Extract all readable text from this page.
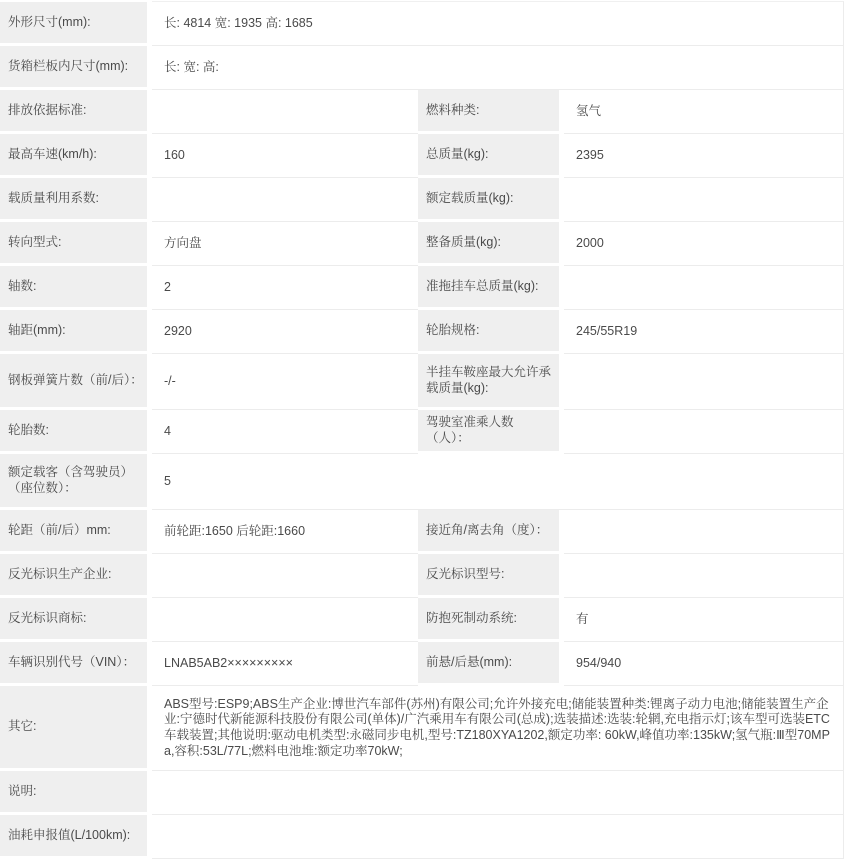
外形尺寸(mm):	长: 4814 宽: 1935 高: 1685		
货箱栏板内尺寸(mm):	长: 宽: 高:		
排放依据标准:		燃料种类:	氢气
最高车速(km/h):	160	总质量(kg):	2395
载质量利用系数:		额定载质量(kg):	
转向型式:	方向盘	整备质量(kg):	2000
轴数:	2	准拖挂车总质量(kg):	
轴距(mm):	2920	轮胎规格:	245/55R19
钢板弹簧片数（前/后）：	-/-	半挂车鞍座最大允许承载质量(kg):	
轮胎数:	4	驾驶室准乘人数（人）：	
额定载客（含驾驶员）（座位数）：	5		
轮距（前/后）mm:	前轮距:1650 后轮距:1660	接近角/离去角（度）：	
反光标识生产企业:		反光标识型号:	
反光标识商标:		防抱死制动系统:	有
车辆识别代号（VIN）：	LNAB5AB2×××××××××	前悬/后悬(mm):	954/940
其它:	ABS型号:ESP9;ABS生产企业:博世汽车部件(苏州)有限公司;允许外接充电;储能装置种类:锂离子动力电池;储能装置生产企业:宁德时代新能源科技股份有限公司(单体)/广汽乘用车有限公司(总成);选装描述:选装:轮辋,充电指示灯;该车型可选装ETC车载装置;其他说明:驱动电机类型:永磁同步电机,型号:TZ180XYA1202,额定功率: 60kW,峰值功率:135kW;氢气瓶:Ⅲ型70MPa,容积:53L/77L;燃料电池堆:额定功率70kW;		
说明:			
油耗申报值(L/100km):			
